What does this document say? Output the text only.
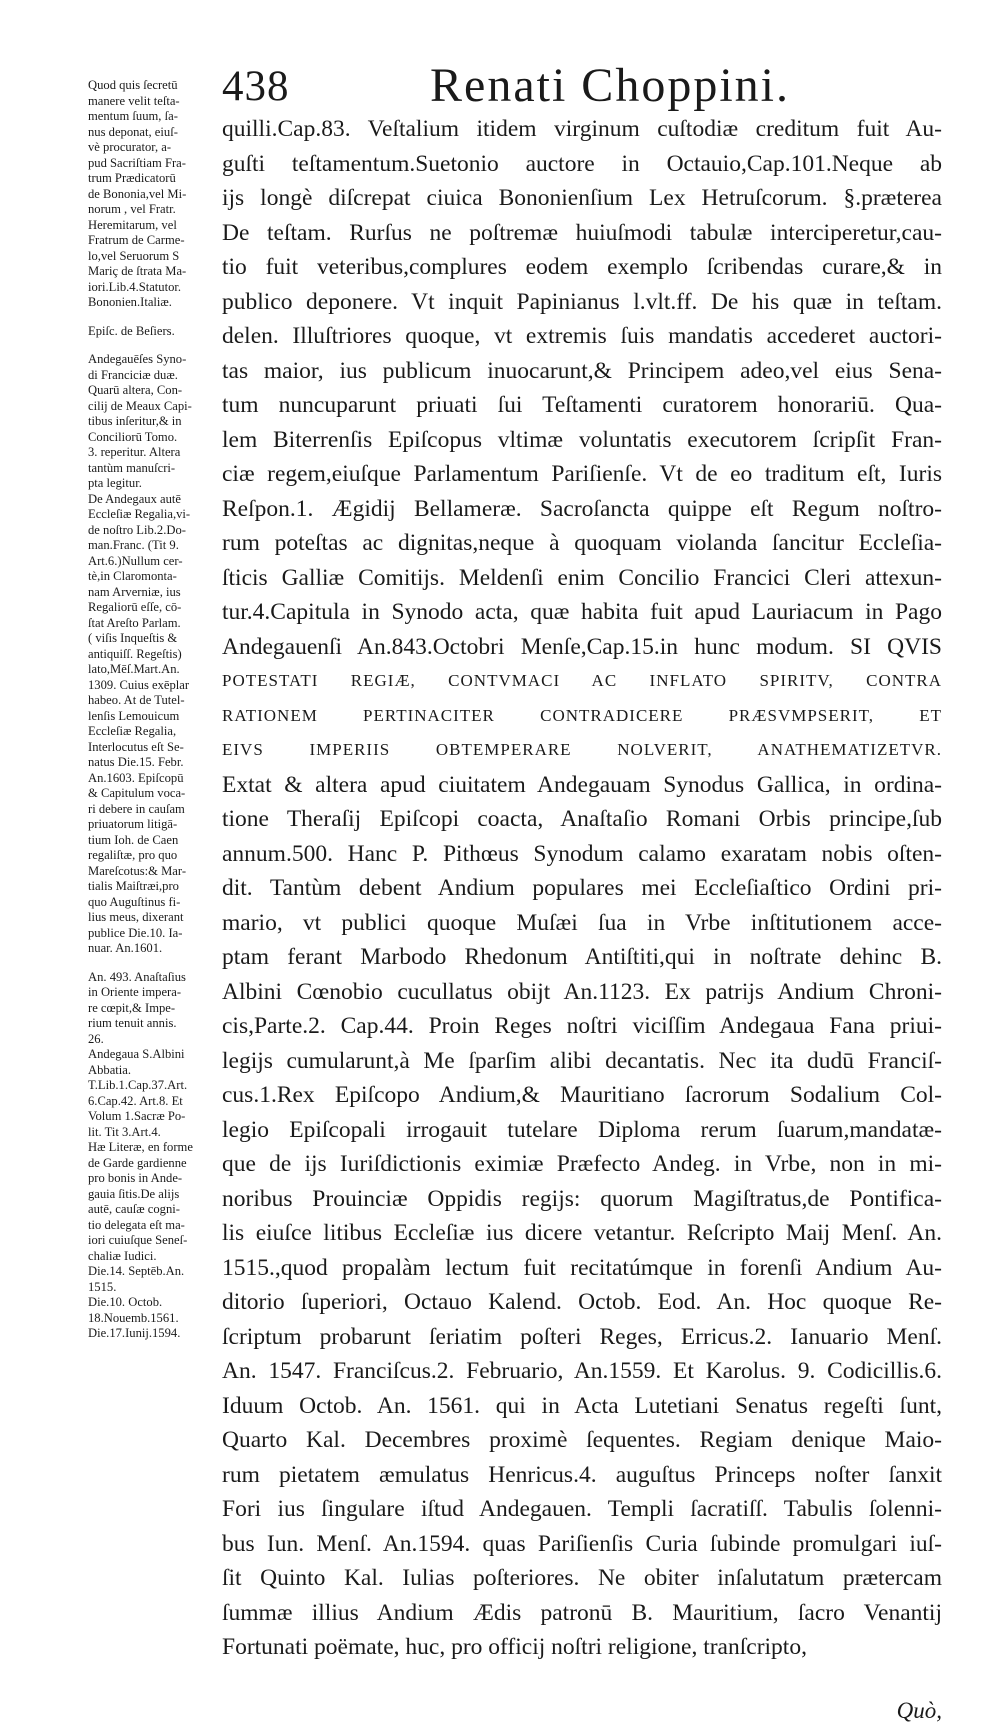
438	Renati Choppini.
Quod quis ſecretū
manere velit teſta-
mentum ſuum, ſa-
nus deponat, eiuſ-
vè procurator, a-
pud Sacriſtiam Fra-
trum Prædicatorū
de Bononia,vel Mi-
norum , vel Fratr.
Heremitarum, vel
Fratrum de Carme-
lo,vel Seruorum S
Mariç de ſtrata Ma-
iori.Lib.4.Statutor.
Bononien.Italiæ.
Epiſc. de Beſiers.
Andegauēſes Syno-
di Franciciæ duæ.
Quarū altera, Con-
cilij de Meaux Capi-
tibus inſeritur,& in
Conciliorū Tomo.
3. reperitur. Altera
tantùm manuſcri-
pta legitur.
De Andegaux autē
Eccleſiæ Regalia,vi-
de noſtro Lib.2.Do-
man.Franc. (Tit 9.
Art.6.)Nullum cer-
tè,in Claromonta-
nam Arverniæ, ius
Regaliorū eſſe, cō-
ſtat Areſto Parlam.
( viſis Inqueſtis &
antiquiſſ. Regeſtis)
lato,Mēſ.Mart.An.
1309. Cuius exēplar
habeo. At de Tutel-
lenſis Lemouicum
Eccleſiæ Regalia,
Interlocutus eſt Se-
natus Die.15. Febr.
An.1603. Epiſcopū
& Capitulum voca-
ri debere in cauſam
priuatorum litigā-
tium Ioh. de Caen
regaliſtæ, pro quo
Mareſcotus:& Mar-
tialis Maiſtræi,pro
quo Auguſtinus fi-
lius meus, dixerant
publice Die.10. Ia-
nuar. An.1601.
An. 493. Anaſtaſius
in Oriente impera-
re cœpit,& Impe-
rium tenuit annis.
26.
Andegaua S.Albini
Abbatia.
T.Lib.1.Cap.37.Art.
6.Cap.42. Art.8. Et
Volum 1.Sacræ Po-
lit. Tit 3.Art.4.
Hæ Literæ, en forme
de Garde gardienne
pro bonis in Ande-
gauia ſitis.De alijs
autē, cauſæ cogni-
tio delegata eſt ma-
iori cuiuſque Seneſ-
chaliæ Iudici.
Die.14. Septēb.An.
1515.
Die.10. Octob.
18.Nouemb.1561.
Die.17.Iunij.1594.
quilli.Cap.83. Veſtalium itidem virginum cuſtodiæ creditum fuit Au-
guſti teſtamentum.Suetonio auctore in Octauio,Cap.101.Neque ab
ijs longè diſcrepat ciuica Bononienſium Lex Hetruſcorum. §.præterea
De teſtam. Rurſus ne poſtremæ huiuſmodi tabulæ interciperetur,cau-
tio fuit veteribus,complures eodem exemplo ſcribendas curare,& in
publico deponere. Vt inquit Papinianus l.vlt.ff. De his quæ in teſtam.
delen. Illuſtriores quoque, vt extremis ſuis mandatis accederet auctori-
tas maior, ius publicum inuocarunt,& Principem adeo,vel eius Sena-
tum nuncuparunt priuati ſui Teſtamenti curatorem honorariū. Qua-
lem Biterrenſis Epiſcopus vltimæ voluntatis executorem ſcripſit Fran-
ciæ regem,eiuſque Parlamentum Pariſienſe. Vt de eo traditum eſt, Iuris
Reſpon.1. Ægidij Bellameræ. Sacroſancta quippe eſt Regum noſtro-
rum poteſtas ac dignitas,neque à quoquam violanda ſancitur Eccleſia-
ſticis Galliæ Comitijs. Meldenſi enim Concilio Francici Cleri attexun-
tur.4.Capitula in Synodo acta, quæ habita fuit apud Lauriacum in Pago
Andegauenſi An.843.Octobri Menſe,Cap.15.in hunc modum. SI QVIS
POTESTATI REGIÆ, CONTVMACI AC INFLATO SPIRITV, CONTRA
RATIONEM PERTINACITER CONTRADICERE PRÆSVMPSERIT, ET
EIVS IMPERIIS OBTEMPERARE NOLVERIT, ANATHEMATIZETVR.
Extat & altera apud ciuitatem Andegauam Synodus Gallica, in ordina-
tione Theraſij Epiſcopi coacta, Anaſtaſio Romani Orbis principe,ſub
annum.500. Hanc P. Pithœus Synodum calamo exaratam nobis oſten-
dit. Tantùm debent Andium populares mei Eccleſiaſtico Ordini pri-
mario, vt publici quoque Muſæi ſua in Vrbe inſtitutionem acce-
ptam ferant Marbodo Rhedonum Antiſtiti,qui in noſtrate dehinc B.
Albini Cœnobio cucullatus obijt An.1123. Ex patrijs Andium Chroni-
cis,Parte.2. Cap.44. Proin Reges noſtri viciſſim Andegaua Fana priui-
legijs cumularunt,à Me ſparſim alibi decantatis. Nec ita dudū Franciſ-
cus.1.Rex Epiſcopo Andium,& Mauritiano ſacrorum Sodalium Col-
legio Epiſcopali irrogauit tutelare Diploma rerum ſuarum,mandatæ-
que de ijs Iuriſdictionis eximiæ Præfecto Andeg. in Vrbe, non in mi-
noribus Prouinciæ Oppidis regijs: quorum Magiſtratus,de Pontifica-
lis eiuſce litibus Eccleſiæ ius dicere vetantur. Reſcripto Maij Menſ. An.
1515.,quod propalàm lectum fuit recitatúmque in forenſi Andium Au-
ditorio ſuperiori, Octauo Kalend. Octob. Eod. An. Hoc quoque Re-
ſcriptum probarunt ſeriatim poſteri Reges, Erricus.2. Ianuario Menſ.
An. 1547. Franciſcus.2. Februario, An.1559. Et Karolus. 9. Codicillis.6.
Iduum Octob. An. 1561. qui in Acta Lutetiani Senatus regeſti ſunt,
Quarto Kal. Decembres proximè ſequentes. Regiam denique Maio-
rum pietatem æmulatus Henricus.4. auguſtus Princeps noſter ſanxit
Fori ius ſingulare iſtud Andegauen. Templi ſacratiſſ. Tabulis ſolenni-
bus Iun. Menſ. An.1594. quas Pariſienſis Curia ſubinde promulgari iuſ-
ſit Quinto Kal. Iulias poſteriores. Ne obiter inſalutatum prætercam
ſummæ illius Andium Ædis patronū B. Mauritium, ſacro Venantij
Fortunati poëmate, huc, pro officij noſtri religione, tranſcripto,
Quò,
